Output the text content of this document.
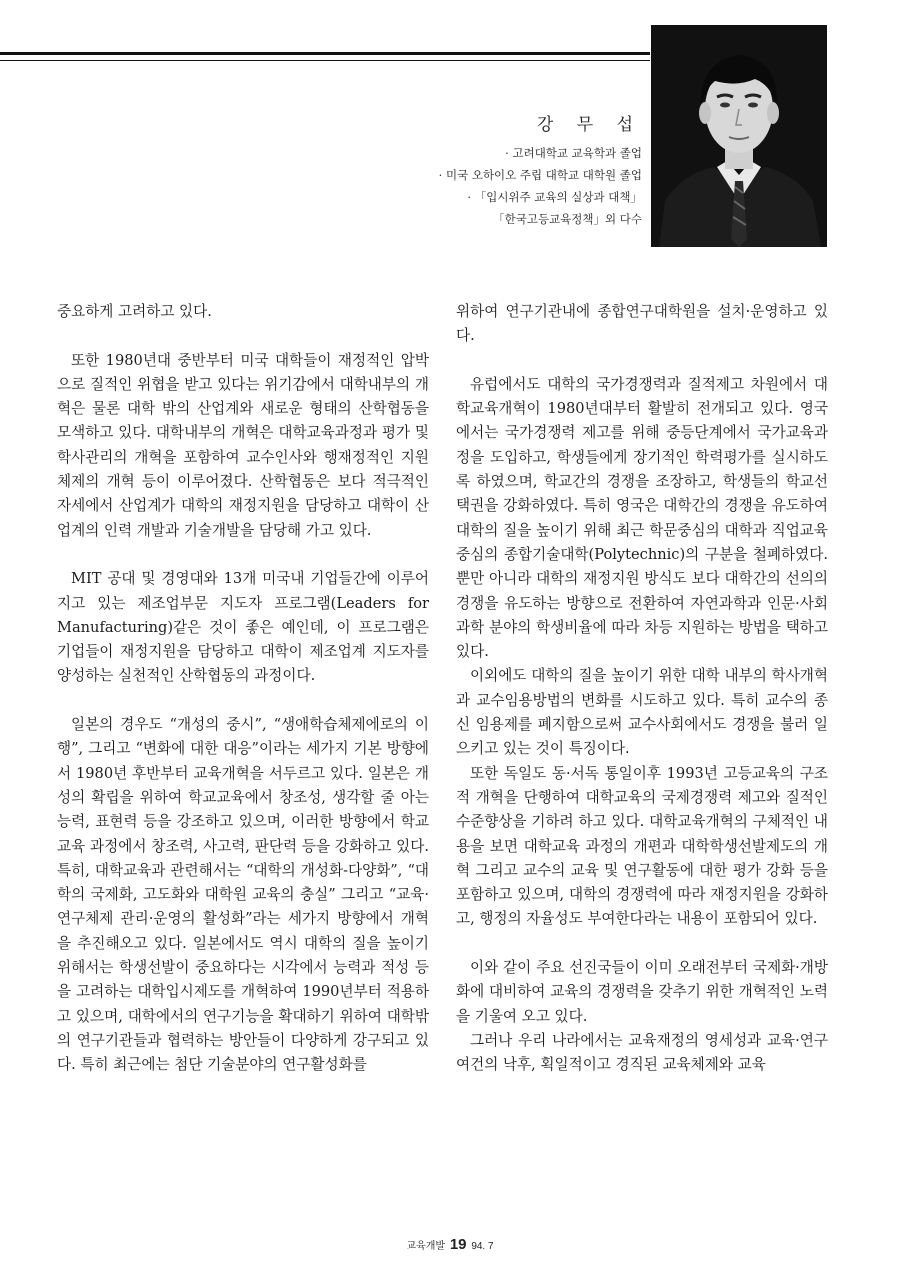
강 무 섭
· 고려대학교 교육학과 졸업
· 미국 오하이오 주립 대학교 대학원 졸업
· 「입시위주 교육의 실상과 대책」
「한국고등교육정책」외 다수

중요하게 고려하고 있다.

또한 1980년대 중반부터 미국 대학들이 재정적인 압박으로 질적인 위협을 받고 있다는 위기감에서 대학내부의 개혁은 물론 대학 밖의 산업계와 새로운 형태의 산학협동을 모색하고 있다. 대학내부의 개혁은 대학교육과정과 평가 및 학사관리의 개혁을 포함하여 교수인사와 행재정적인 지원 체제의 개혁 등이 이루어졌다. 산학협동은 보다 적극적인 자세에서 산업계가 대학의 재정지원을 담당하고 대학이 산업계의 인력 개발과 기술개발을 담당해 가고 있다.

MIT 공대 및 경영대와 13개 미국내 기업들간에 이루어지고 있는 제조업부문 지도자 프로그램(Leaders for Manufacturing)같은 것이 좋은 예인데, 이 프로그램은 기업들이 재정지원을 담당하고 대학이 제조업계 지도자를 양성하는 실천적인 산학협동의 과정이다.

일본의 경우도 “개성의 중시”, “생애학습체제에로의 이행”, 그리고 “변화에 대한 대응”이라는 세가지 기본 방향에서 1980년 후반부터 교육개혁을 서두르고 있다. 일본은 개성의 확립을 위하여 학교교육에서 창조성, 생각할 줄 아는 능력, 표현력 등을 강조하고 있으며, 이러한 방향에서 학교교육 과정에서 창조력, 사고력, 판단력 등을 강화하고 있다. 특히, 대학교육과 관련해서는 “대학의 개성화-다양화”, “대학의 국제화, 고도화와 대학원 교육의 충실” 그리고 “교육·연구체제 관리·운영의 활성화”라는 세가지 방향에서 개혁을 추진해오고 있다. 일본에서도 역시 대학의 질을 높이기 위해서는 학생선발이 중요하다는 시각에서 능력과 적성 등을 고려하는 대학입시제도를 개혁하여 1990년부터 적용하고 있으며, 대학에서의 연구기능을 확대하기 위하여 대학밖의 연구기관들과 협력하는 방안들이 다양하게 강구되고 있다. 특히 최근에는 첨단 기술분야의 연구활성화를

위하여 연구기관내에 종합연구대학원을 설치·운영하고 있다.

유럽에서도 대학의 국가경쟁력과 질적제고 차원에서 대학교육개혁이 1980년대부터 활발히 전개되고 있다. 영국에서는 국가경쟁력 제고를 위해 중등단계에서 국가교육과정을 도입하고, 학생들에게 장기적인 학력평가를 실시하도록 하였으며, 학교간의 경쟁을 조장하고, 학생들의 학교선택권을 강화하였다. 특히 영국은 대학간의 경쟁을 유도하여 대학의 질을 높이기 위해 최근 학문중심의 대학과 직업교육중심의 종합기술대학(Polytechnic)의 구분을 철폐하였다. 뿐만 아니라 대학의 재정지원 방식도 보다 대학간의 선의의 경쟁을 유도하는 방향으로 전환하여 자연과학과 인문·사회과학 분야의 학생비율에 따라 차등 지원하는 방법을 택하고 있다.

이외에도 대학의 질을 높이기 위한 대학 내부의 학사개혁과 교수임용방법의 변화를 시도하고 있다. 특히 교수의 종신 임용제를 폐지함으로써 교수사회에서도 경쟁을 불러 일으키고 있는 것이 특징이다.

또한 독일도 동·서독 통일이후 1993년 고등교육의 구조적 개혁을 단행하여 대학교육의 국제경쟁력 제고와 질적인 수준향상을 기하려 하고 있다. 대학교육개혁의 구체적인 내용을 보면 대학교육 과정의 개편과 대학학생선발제도의 개혁 그리고 교수의 교육 및 연구활동에 대한 평가 강화 등을 포함하고 있으며, 대학의 경쟁력에 따라 재정지원을 강화하고, 행정의 자율성도 부여한다라는 내용이 포함되어 있다.

이와 같이 주요 선진국들이 이미 오래전부터 국제화·개방화에 대비하여 교육의 경쟁력을 갖추기 위한 개혁적인 노력을 기울여 오고 있다.

그러나 우리 나라에서는 교육재정의 영세성과 교육·연구여건의 낙후, 획일적이고 경직된 교육체제와 교육

교육개발 19 94. 7
